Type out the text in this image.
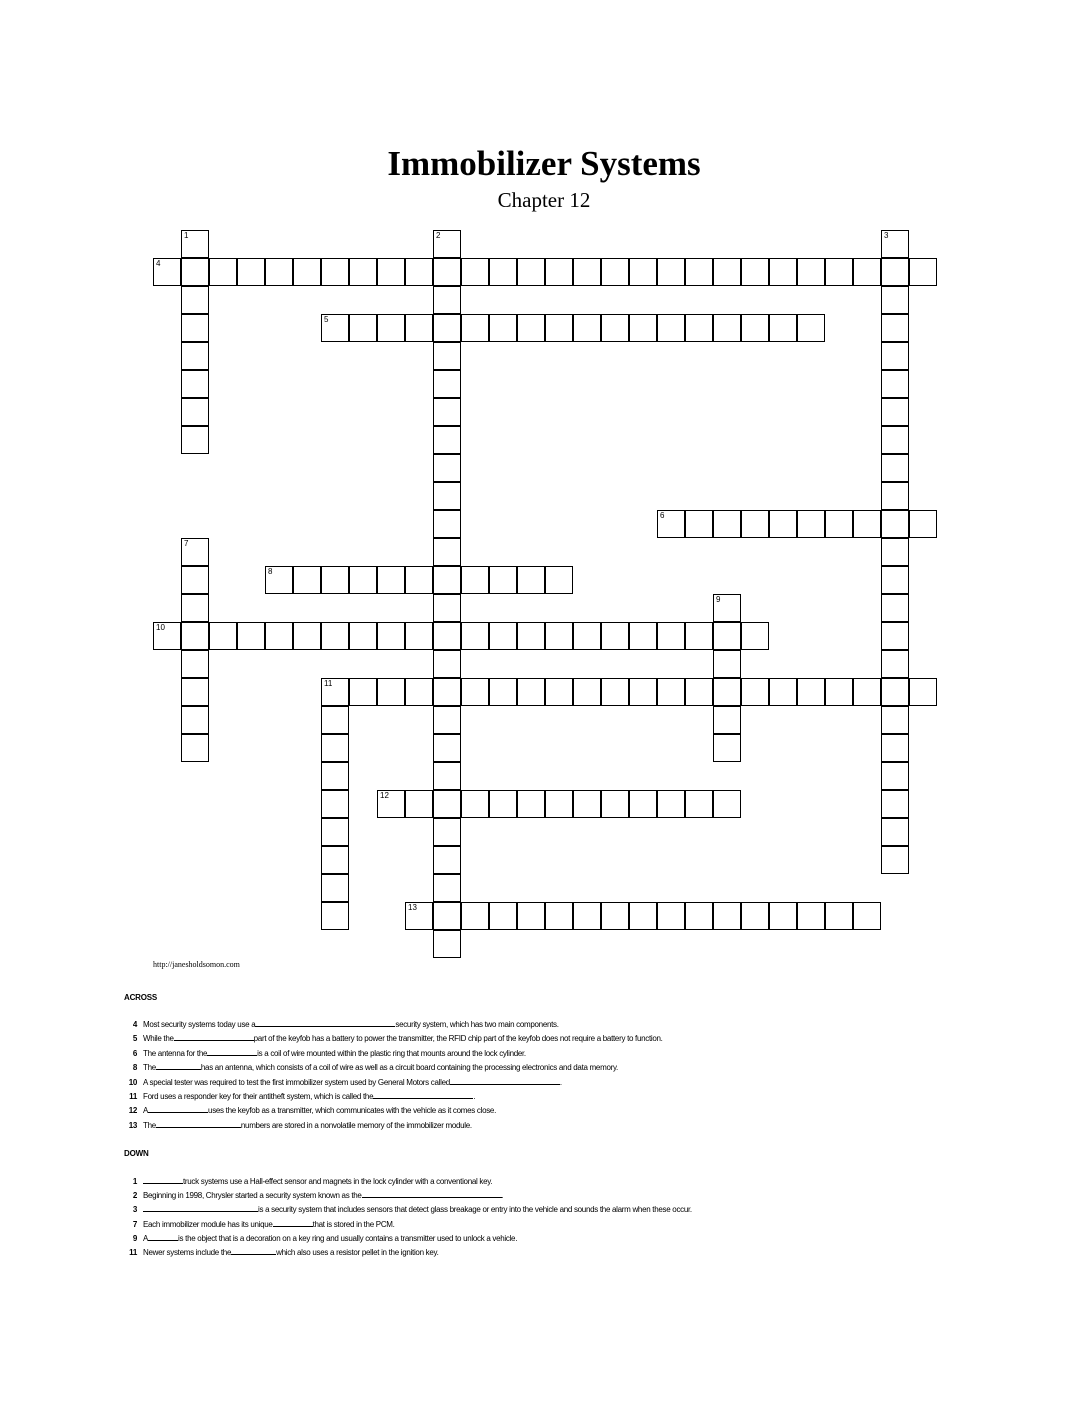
Immobilizer Systems
Chapter 12
1	2	3
4
5
6
7
8
9
10
11
12
13
http://janesholdsomon.com
ACROSS
4 Most security systems today use a	security system, which has two main components.
5 While the	part of the keyfob has a battery to power the transmitter, the RFID chip part of the keyfob does not require a battery to function.
6 The antenna for the	is a coil of wire mounted within the plastic ring that mounts around the lock cylinder.
8 The	has an antenna, which consists of a coil of wire as well as a circuit board containing the processing electronics and data memory.
10 A special tester was required to test the first immobilizer system used by General Motors called	.
11 Ford uses a responder key for their antitheft system, which is called the	.
12 A	uses the keyfob as a transmitter, which communicates with the vehicle as it comes close.
13 The	numbers are stored in a nonvolatile memory of the immobilizer module.
DOWN
1	truck systems use a Hall-effect sensor and magnets in the lock cylinder with a conventional key.
2 Beginning in 1998, Chrysler started a security system known as the	.
3	is a security system that includes sensors that detect glass breakage or entry into the vehicle and sounds the alarm when these occur.
7 Each immobilizer module has its unique	that is stored in the PCM.
9 A	is the object that is a decoration on a key ring and usually contains a transmitter used to unlock a vehicle.
11 Newer systems include the	which also uses a resistor pellet in the ignition key.
